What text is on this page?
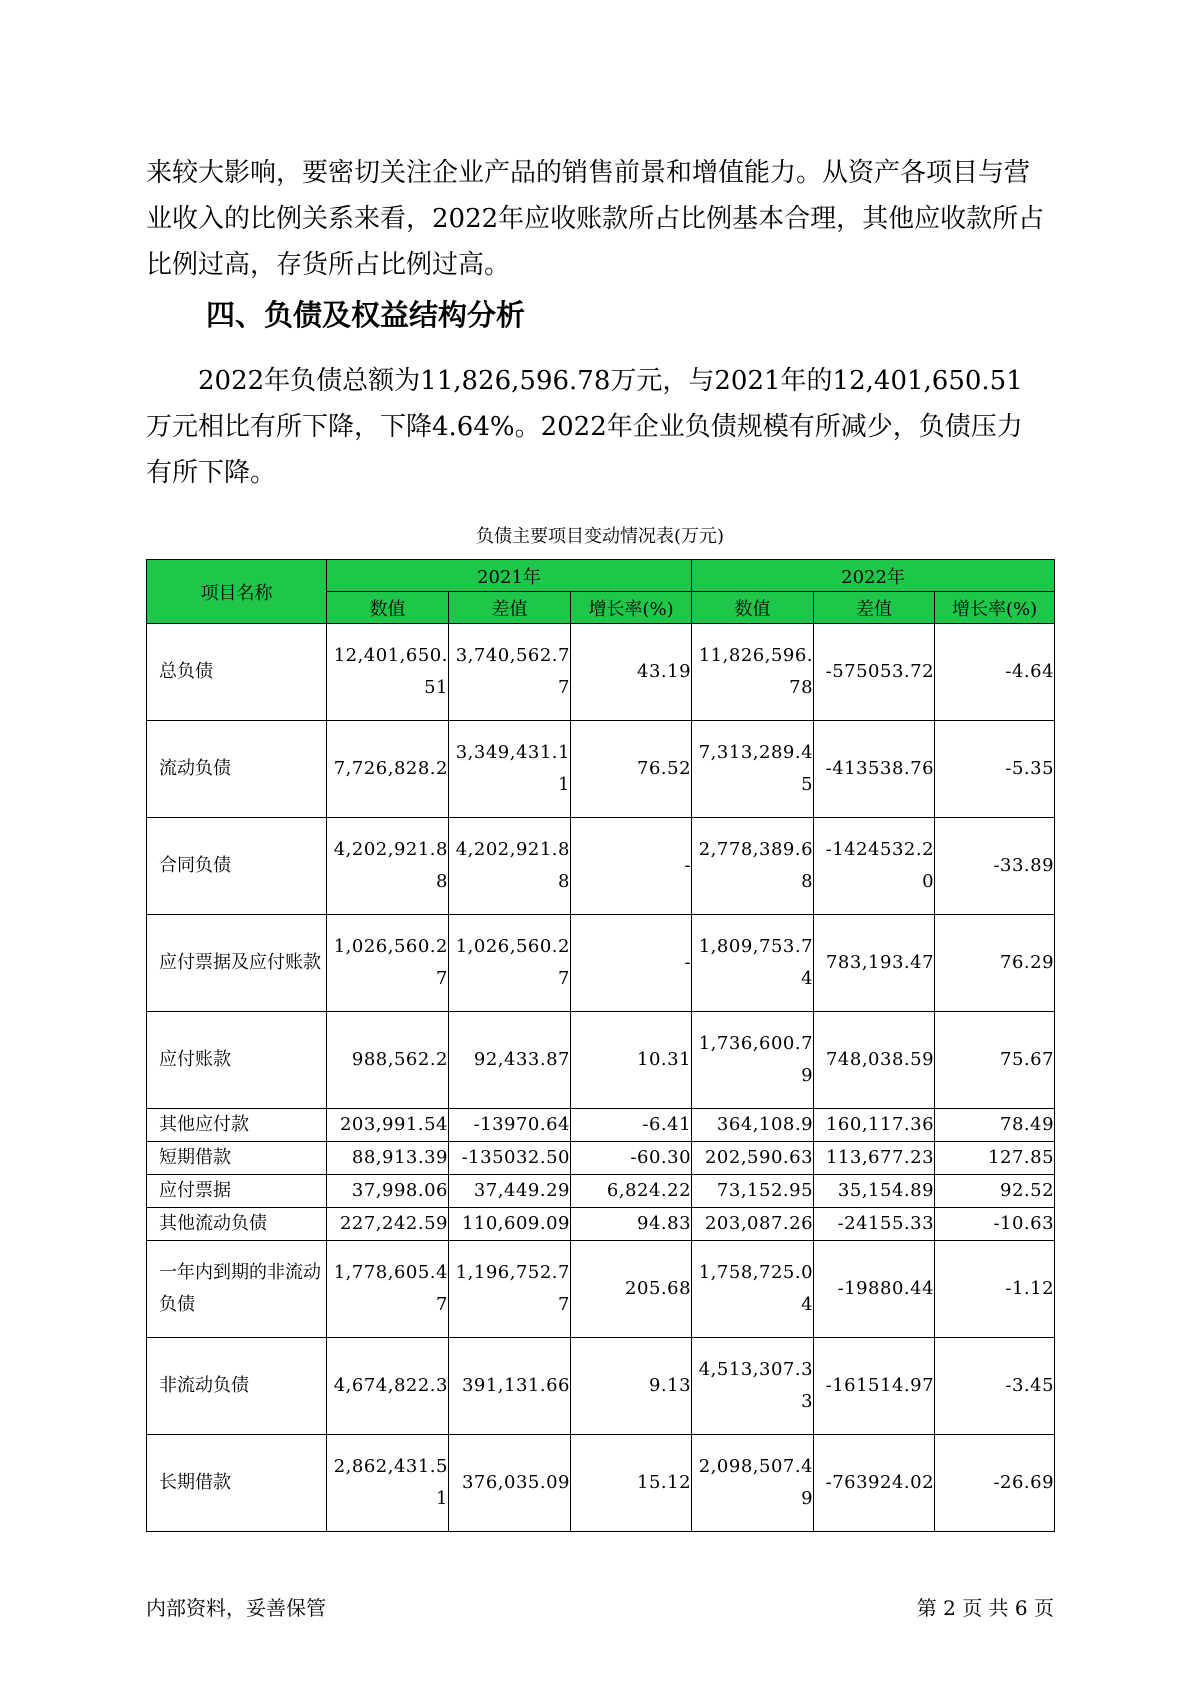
来较大影响，要密切关注企业产品的销售前景和增值能力。从资产各项目与营业收入的比例关系来看，2022年应收账款所占比例基本合理，其他应收款所占比例过高，存货所占比例过高。

四、负债及权益结构分析

2022年负债总额为11,826,596.78万元，与2021年的12,401,650.51万元相比有所下降，下降4.64%。2022年企业负债规模有所减少，负债压力有所下降。

负债主要项目变动情况表(万元)
项目名称	2021年			2022年		
	数值	差值	增长率(%)	数值	差值	增长率(%)
总负债	12,401,650.51	3,740,562.77	43.19	11,826,596.78	-575053.72	-4.64
流动负债	7,726,828.2	3,349,431.11	76.52	7,313,289.45	-413538.76	-5.35
合同负债	4,202,921.88	4,202,921.88	-	2,778,389.68	-1424532.20	-33.89
应付票据及应付账款	1,026,560.27	1,026,560.27	-	1,809,753.74	783,193.47	76.29
应付账款	988,562.2	92,433.87	10.31	1,736,600.79	748,038.59	75.67
其他应付款	203,991.54	-13970.64	-6.41	364,108.9	160,117.36	78.49
短期借款	88,913.39	-135032.50	-60.30	202,590.63	113,677.23	127.85
应付票据	37,998.06	37,449.29	6,824.22	73,152.95	35,154.89	92.52
其他流动负债	227,242.59	110,609.09	94.83	203,087.26	-24155.33	-10.63
一年内到期的非流动负债	1,778,605.47	1,196,752.77	205.68	1,758,725.04	-19880.44	-1.12
非流动负债	4,674,822.3	391,131.66	9.13	4,513,307.33	-161514.97	-3.45
长期借款	2,862,431.51	376,035.09	15.12	2,098,507.49	-763924.02	-26.69
内部资料，妥善保管	第 2 页 共 6 页
